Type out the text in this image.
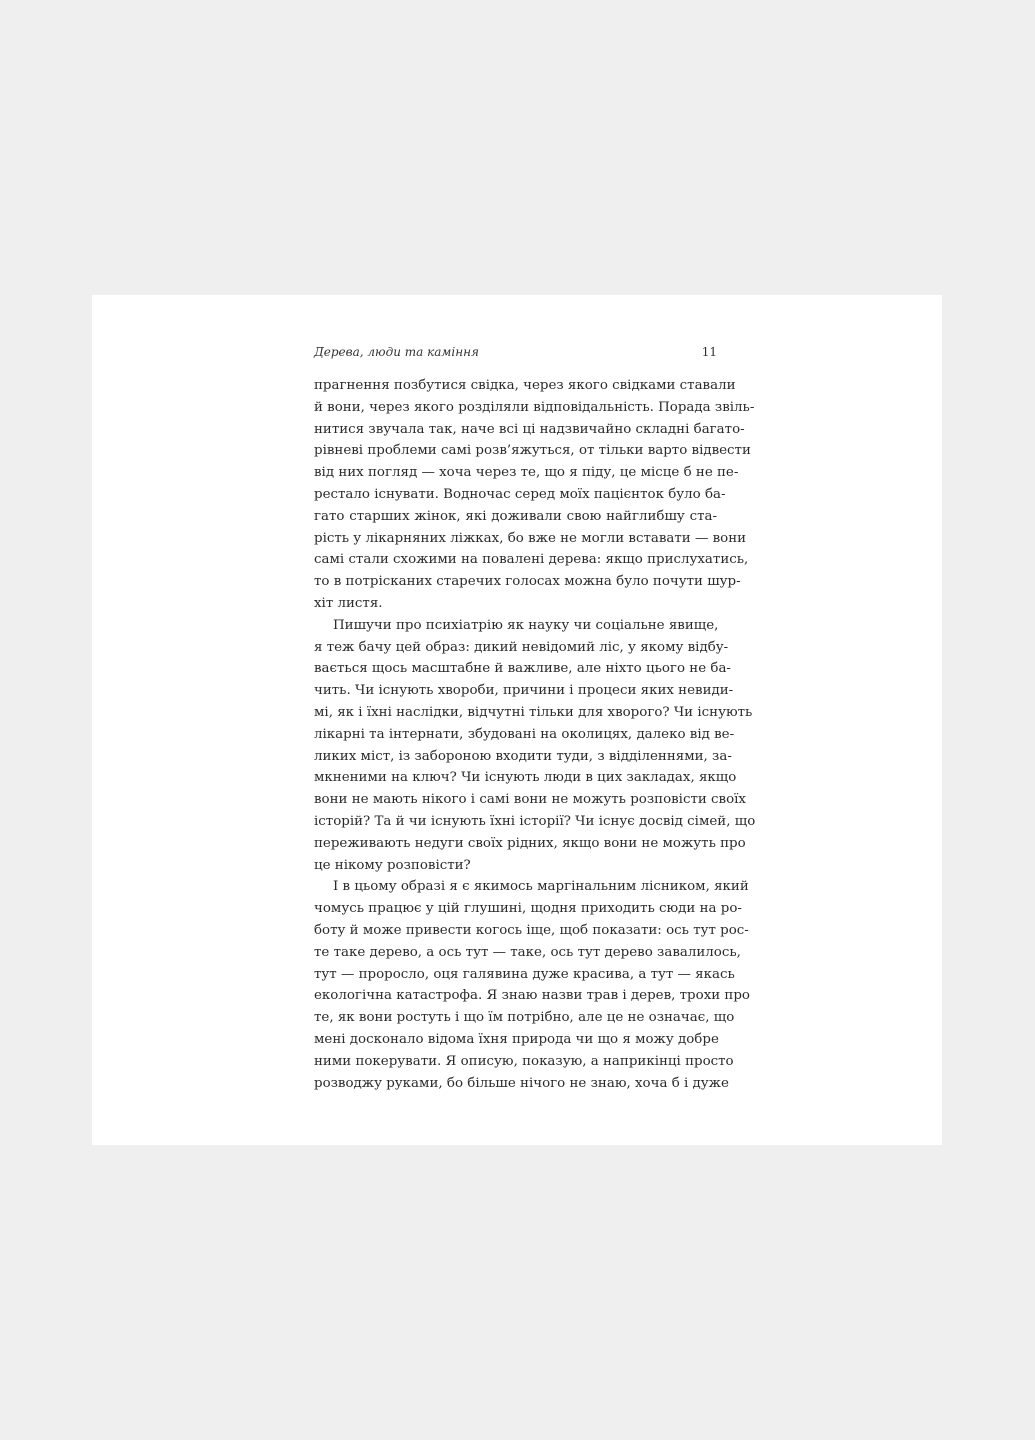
Дерева, люди та каміння	11
прагнення позбутися свідка, через якого свідками ставали
й вони, через якого розділяли відповідальність. Порада звіль-
нитися звучала так, наче всі ці надзвичайно складні багато-
рівневі проблеми самі розв’яжуться, от тільки варто відвести
від них погляд — хоча через те, що я піду, це місце б не пе-
рестало існувати. Водночас серед моїх пацієнток було ба-
гато старших жінок, які доживали свою найглибшу ста-
рість у лікарняних ліжках, бо вже не могли вставати — вони
самі стали схожими на повалені дерева: якщо прислухатись,
то в потрісканих старечих голосах можна було почути шур-
хіт листя.
Пишучи про психіатрію як науку чи соціальне явище,
я теж бачу цей образ: дикий невідомий ліс, у якому відбу-
вається щось масштабне й важливе, але ніхто цього не ба-
чить. Чи існують хвороби, причини і процеси яких невиди-
мі, як і їхні наслідки, відчутні тільки для хворого? Чи існують
лікарні та інтернати, збудовані на околицях, далеко від ве-
ликих міст, із забороною входити туди, з відділеннями, за-
мкненими на ключ? Чи існують люди в цих закладах, якщо
вони не мають нікого і самі вони не можуть розповісти своїх
історій? Та й чи існують їхні історії? Чи існує досвід сімей, що
переживають недуги своїх рідних, якщо вони не можуть про
це нікому розповісти?
І в цьому образі я є якимось маргінальним лісником, який
чомусь працює у цій глушині, щодня приходить сюди на ро-
боту й може привести когось іще, щоб показати: ось тут рос-
те таке дерево, а ось тут — таке, ось тут дерево завалилось,
тут — проросло, оця галявина дуже красива, а тут — якась
екологічна катастрофа. Я знаю назви трав і дерев, трохи про
те, як вони ростуть і що їм потрібно, але це не означає, що
мені досконало відома їхня природа чи що я можу добре
ними покерувати. Я описую, показую, а наприкінці просто
розводжу руками, бо більше нічого не знаю, хоча б і дуже
